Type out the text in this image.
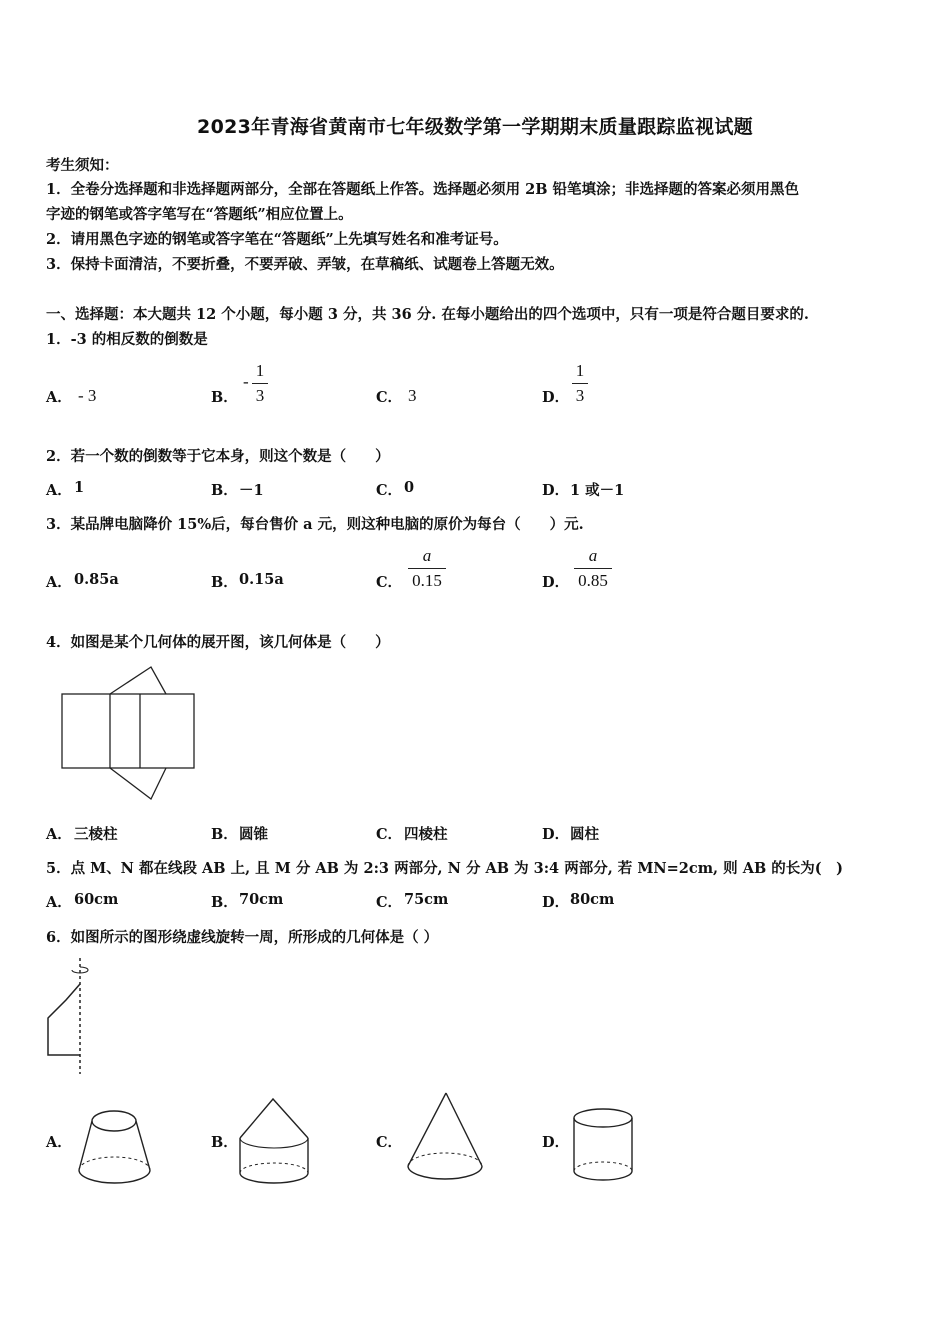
2023年青海省黄南市七年级数学第一学期期末质量跟踪监视试题
考生须知：
1．全卷分选择题和非选择题两部分，全部在答题纸上作答。选择题必须用 2B 铅笔填涂；非选择题的答案必须用黑色
字迹的钢笔或答字笔写在“答题纸”相应位置上。
2．请用黑色字迹的钢笔或答字笔在“答题纸”上先填写姓名和准考证号。
3．保持卡面清洁，不要折叠，不要弄破、弄皱，在草稿纸、试题卷上答题无效。
一、选择题：本大题共 12 个小题，每小题 3 分，共 36 分. 在每小题给出的四个选项中，只有一项是符合题目要求的.
1．-3 的相反数的倒数是
A． - 3	B．
-
1
3	C． 3	D．
1
3
2．若一个数的倒数等于它本身，则这个数是（　　）
A． 1	B． －1	C． 0	D． 1 或－1
3．某品牌电脑降价 15%后，每台售价 a 元，则这种电脑的原价为每台（　　）元.
A． 0.85a	B． 0.15a	C．
a
0.15	D．
a
0.85
4．如图是某个几何体的展开图，该几何体是（　　）
A． 三棱柱	B． 圆锥	C． 四棱柱	D． 圆柱
5．点 M、N 都在线段 AB 上, 且 M 分 AB 为 2:3 两部分, N 分 AB 为 3:4 两部分, 若 MN=2cm, 则 AB 的长为(　)
A． 60cm	B． 70cm	C． 75cm	D． 80cm
6．如图所示的图形绕虚线旋转一周，所形成的几何体是（ ）
A．	B．	C．	D．
